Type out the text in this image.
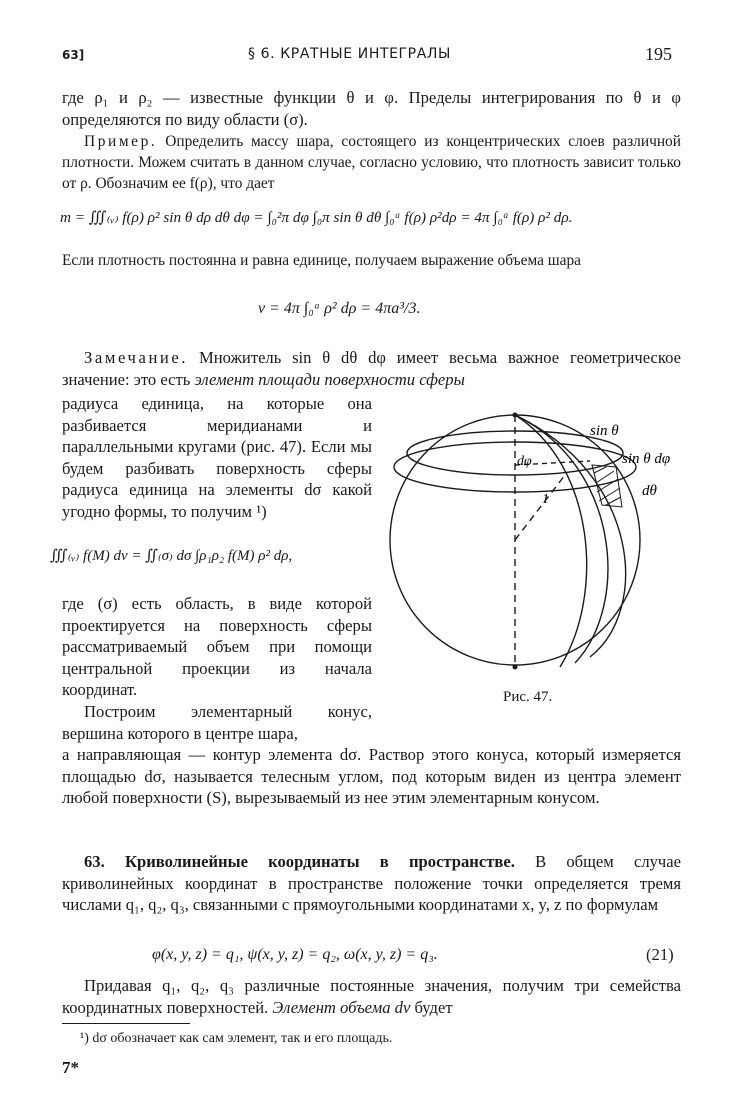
63]	§ 6. КРАТНЫЕ ИНТЕГРАЛЫ	195

где ρ₁ и ρ₂ — известные функции θ и φ. Пределы интегрирования по θ и φ определяются по виду области (σ).

Пример. Определить массу шара, состоящего из концентрических слоев различной плотности. Можем считать в данном случае, согласно условию, что плотность зависит только от ρ. Обозначим ее f(ρ), что дает

m = ∭₍ᵥ₎ f(ρ) ρ² sin θ dρ dθ dφ = ∫₀²π dφ ∫₀π sin θ dθ ∫₀ᵃ f(ρ) ρ²dρ = 4π ∫₀ᵃ f(ρ) ρ² dρ.

Если плотность постоянна и равна единице, получаем выражение объема шара

v = 4π ∫₀ᵃ ρ² dρ = 4πa³/3.

Замечание. Множитель sin θ dθ dφ имеет весьма важное геометрическое значение: это есть элемент площади поверхности сферы

радиуса единица, на которые она разбивается меридианами и параллельными кругами (рис. 47). Если мы будем разбивать поверхность сферы радиуса единица на элементы dσ какой угодно формы, то получим ¹)

∭₍ᵥ₎ f(M) dv = ∬₍σ₎ dσ ∫ρ₁ρ₂ f(M) ρ² dρ,

где (σ) есть область, в виде которой проектируется на поверхность сферы рассматриваемый объем при помощи центральной проекции из начала координат.

Построим элементарный конус, вершина которого в центре шара,

а направляющая — контур элемента dσ. Раствор этого конуса, который измеряется площадью dσ, называется телесным углом, под которым виден из центра элемент любой поверхности (S), вырезываемый из нее этим элементарным конусом.

sin θ
sin θ dφ
dθ
dφ
1
Рис. 47.

63. Криволинейные координаты в пространстве. В общем случае криволинейных координат в пространстве положение точки определяется тремя числами q₁, q₂, q₃, связанными с прямоугольными координатами x, y, z по формулам

φ(x, y, z) = q₁, ψ(x, y, z) = q₂, ω(x, y, z) = q₃.	(21)

Придавая q₁, q₂, q₃ различные постоянные значения, получим три семейства координатных поверхностей. Элемент объема dv будет

¹) dσ обозначает как сам элемент, так и его площадь.
7*
